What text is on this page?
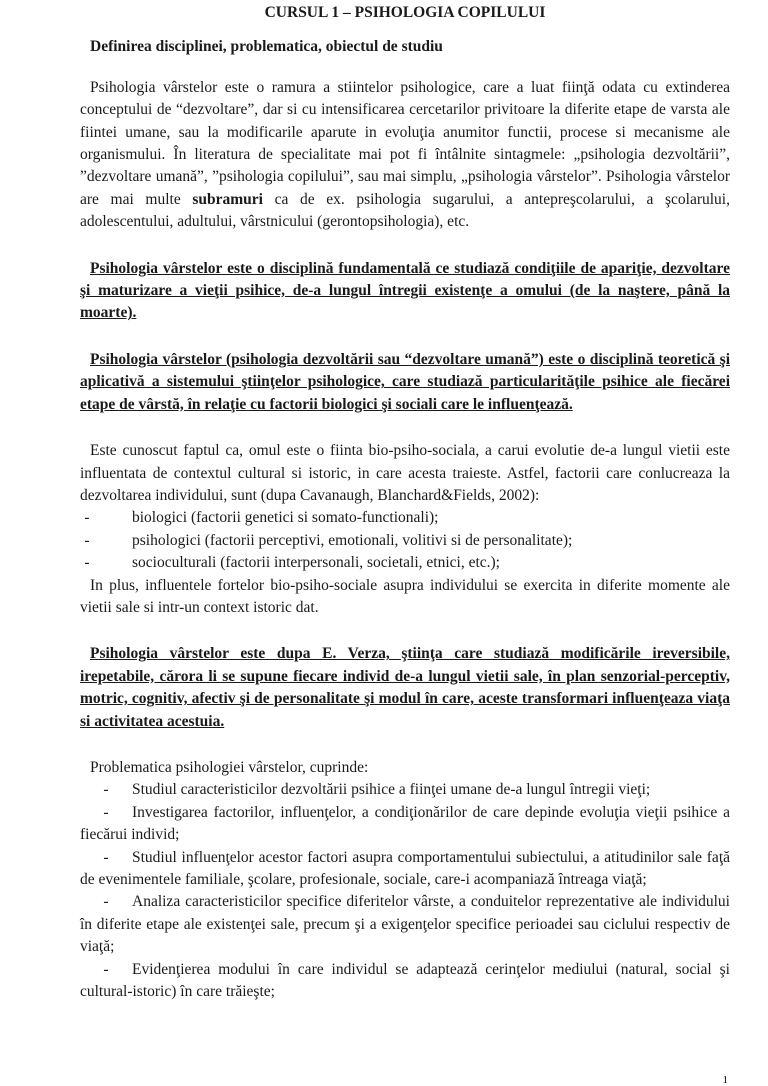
CURSUL 1 – PSIHOLOGIA COPILULUI
Definirea disciplinei, problematica, obiectul de studiu

Psihologia vârstelor este o ramura a stiintelor psihologice, care a luat fiinţă odata cu extinderea conceptului de “dezvoltare”, dar si cu intensificarea cercetarilor privitoare la diferite etape de varsta ale fiintei umane, sau la modificarile aparute in evoluţia anumitor functii, procese si mecanisme ale organismului. În literatura de specialitate mai pot fi întâlnite sintagmele: „psihologia dezvoltării”, ”dezvoltare umană”, ”psihologia copilului”, sau mai simplu, „psihologia vârstelor”. Psihologia vârstelor are mai multe subramuri ca de ex. psihologia sugarului, a antepreşcolarului, a şcolarului, adolescentului, adultului, vârstnicului (gerontopsihologia), etc.

Psihologia vârstelor este o disciplină fundamentală ce studiază condiţiile de apariţie, dezvoltare şi maturizare a vieţii psihice, de-a lungul întregii existenţe a omului (de la naştere, până la moarte).

Psihologia vârstelor (psihologia dezvoltării sau “dezvoltare umană”) este o disciplină teoretică şi aplicativă a sistemului ştiinţelor psihologice, care studiază particularităţile psihice ale fiecărei etape de vârstă, în relaţie cu factorii biologici şi sociali care le influenţează.

Este cunoscut faptul ca, omul este o fiinta bio-psiho-sociala, a carui evolutie de-a lungul vietii este influentata de contextul cultural si istoric, in care acesta traieste. Astfel, factorii care conlucreaza la dezvoltarea individului, sunt (dupa Cavanaugh, Blanchard&Fields, 2002):

-	biologici (factorii genetici si somato-functionali);
-	psihologici (factorii perceptivi, emotionali, volitivi si de personalitate);
-	socioculturali (factorii interpersonali, societali, etnici, etc.);

In plus, influentele fortelor bio-psiho-sociale asupra individului se exercita in diferite momente ale vietii sale si intr-un context istoric dat.

Psihologia vârstelor este dupa E. Verza, ştiinţa care studiază modificările ireversibile, irepetabile, cărora li se supune fiecare individ de-a lungul vietii sale, în plan senzorial-perceptiv, motric, cognitiv, afectiv şi de personalitate şi modul în care, aceste transformari influenţeaza viaţa si activitatea acestuia.

Problematica psihologiei vârstelor, cuprinde:

- Studiul caracteristicilor dezvoltării psihice a fiinţei umane de-a lungul întregii vieţi;
- Investigarea factorilor, influenţelor, a condiţionărilor de care depinde evoluţia vieţii psihice a fiecărui individ;
- Studiul influenţelor acestor factori asupra comportamentului subiectului, a atitudinilor sale faţă de evenimentele familiale, şcolare, profesionale, sociale, care-i acompaniază întreaga viaţă;
- Analiza caracteristicilor specifice diferitelor vârste, a conduitelor reprezentative ale individului în diferite etape ale existenţei sale, precum şi a exigenţelor specifice perioadei sau ciclului respectiv de viaţă;
- Evidenţierea modului în care individul se adaptează cerinţelor mediului (natural, social şi cultural-istoric) în care trăieşte;
1
